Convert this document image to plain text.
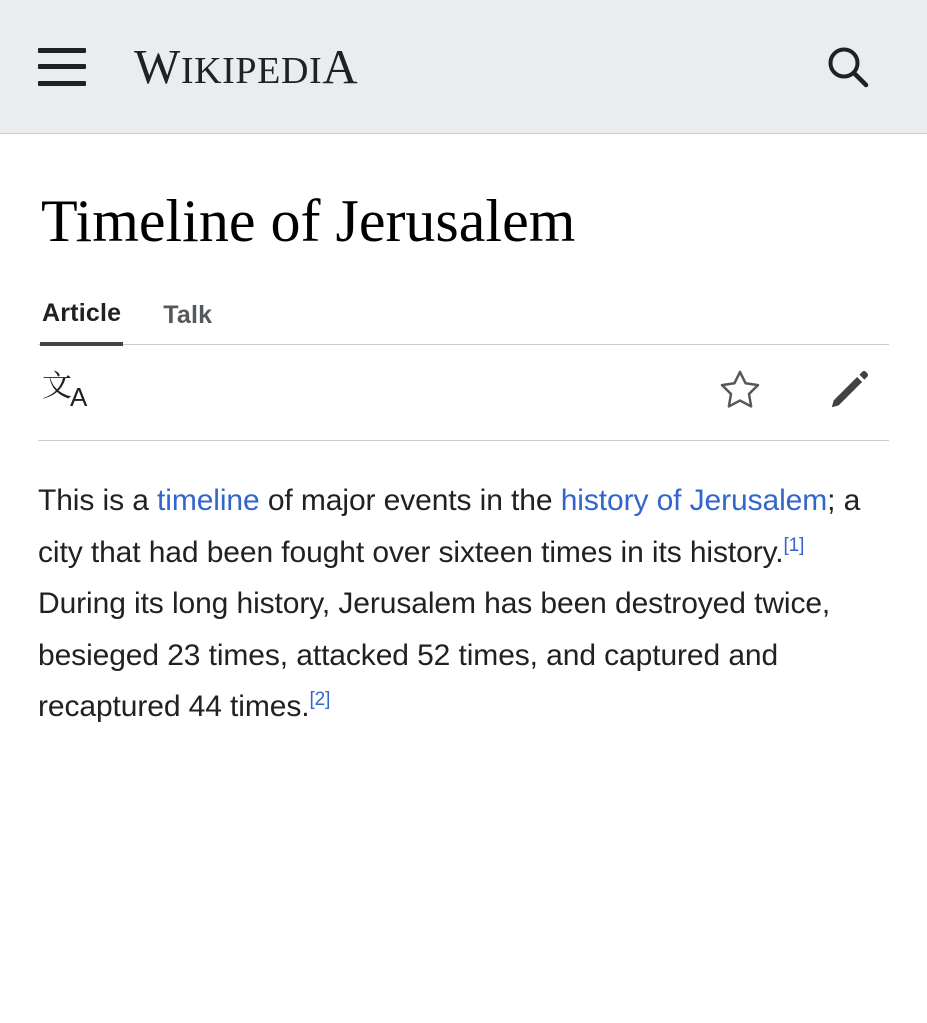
WIKIPEDIA
Timeline of Jerusalem
Article Talk
文
A

This is a timeline of major events in the history of Jerusalem; a city that had been fought over sixteen times in its history.[1] During its long history, Jerusalem has been destroyed twice, besieged 23 times, attacked 52 times, and captured and recaptured 44 times.[2]
